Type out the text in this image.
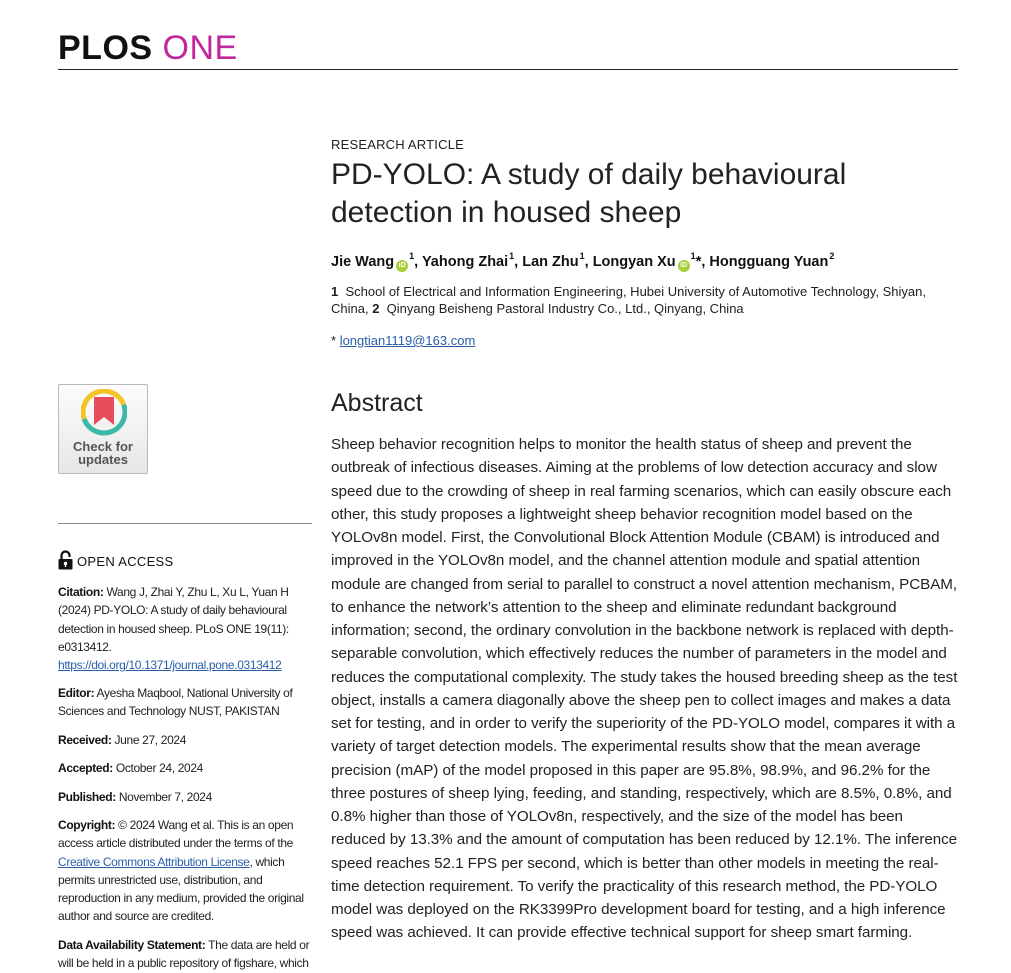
PLOS ONE
Check for updates
OPEN ACCESS
Citation: Wang J, Zhai Y, Zhu L, Xu L, Yuan H (2024) PD-YOLO: A study of daily behavioural detection in housed sheep. PLoS ONE 19(11): e0313412. https://doi.org/10.1371/journal.pone.0313412
Editor: Ayesha Maqbool, National University of Sciences and Technology NUST, PAKISTAN
Received: June 27, 2024
Accepted: October 24, 2024
Published: November 7, 2024
Copyright: © 2024 Wang et al. This is an open access article distributed under the terms of the Creative Commons Attribution License, which permits unrestricted use, distribution, and reproduction in any medium, provided the original author and source are credited.
Data Availability Statement: The data are held or will be held in a public repository of figshare, which
RESEARCH ARTICLE
PD-YOLO: A study of daily behavioural detection in housed sheep
Jie Wang $iD^1$, Yahong Zhai$^1$, Lan Zhu$^1$, Longyan Xu $iD^1*$, Hongguang Yuan$^2$
1 School of Electrical and Information Engineering, Hubei University of Automotive Technology, Shiyan, China, 2 Qinyang Beisheng Pastoral Industry Co., Ltd., Qinyang, China
* longtian1119@163.com
Abstract
Sheep behavior recognition helps to monitor the health status of sheep and prevent the outbreak of infectious diseases. Aiming at the problems of low detection accuracy and slow speed due to the crowding of sheep in real farming scenarios, which can easily obscure each other, this study proposes a lightweight sheep behavior recognition model based on the YOLOv8n model. First, the Convolutional Block Attention Module (CBAM) is introduced and improved in the YOLOv8n model, and the channel attention module and spatial attention module are changed from serial to parallel to construct a novel attention mechanism, PCBAM, to enhance the network’s attention to the sheep and eliminate redundant background information; second, the ordinary convolution in the backbone network is replaced with depth-separable convolution, which effectively reduces the number of parameters in the model and reduces the computational complexity. The study takes the housed breeding sheep as the test object, installs a camera diagonally above the sheep pen to collect images and makes a data set for testing, and in order to verify the superiority of the PD-YOLO model, compares it with a variety of target detection models. The experimental results show that the mean average precision (mAP) of the model proposed in this paper are 95.8%, 98.9%, and 96.2% for the three postures of sheep lying, feeding, and standing, respectively, which are 8.5%, 0.8%, and 0.8% higher than those of YOLOv8n, respectively, and the size of the model has been reduced by 13.3% and the amount of computation has been reduced by 12.1%. The inference speed reaches 52.1 FPS per second, which is better than other models in meeting the real-time detection requirement. To verify the practicality of this research method, the PD-YOLO model was deployed on the RK3399Pro development board for testing, and a high inference speed was achieved. It can provide effective technical support for sheep smart farming.
